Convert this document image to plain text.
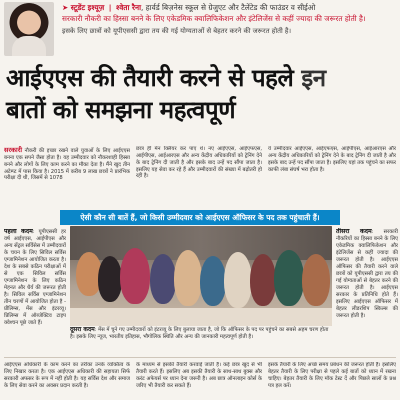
➤ स्टूडेंट इश्यूज़ | श्वेता रैना, हार्वर्ड बिज़नेस स्कूल से ग्रेजुएट और टैलेंटेड की फाउंडर व सीईओ
सरकारी नौकरी का हिस्सा बनने के लिए एकेडमिक क्वालिफिकेशन और इंटेलिजेंस से कहीं ज्यादा की जरूरत होती है।
इसके लिए छात्रों को यूपीएससी द्वारा तय की गई योग्यताओं से बेहतर करने की जरूरत होती है।
आईएएस की तैयारी करने से पहले इन
बातों को समझना महत्वपूर्ण
सरकारी नौकरी की इच्छा रखने वाले युवाओं के लिए आईएएस बनना एक सपने जैसा होता है। यह उम्मीदवार को नौकरशाही हिस्सा बनने और लोगों के लिए काम करने का मौका देता है। मैंने खुद तीन अटेम्प्ट में पास किया है। 2015 में करीब 9 लाख छात्रों ने प्रारंभिक परीक्षा दी थी, जिसमें से 1078
छात्र ही मेन क्लियर कर पाए थे। नए आईएएस, आईएफएस, आईपीएस, आईआरएस और अन्य केंद्रीय अधिकारियों को ट्रेनिंग देने के बाद ट्रेनिंग दी जाती है और इसके बाद उन्हें पद सौंपा जाता है। इसलिए यह सेवा कर रहे हैं और उम्मीदवारों की संख्या में बढ़ोतरी हो रही है।
ये उम्मीदवार आईएएस, आईएफएस, आईपीएस, आईआरएस और अन्य केंद्रीय अधिकारियों को ट्रेनिंग देने के बाद ट्रेनिंग दी जाती है और इसके बाद उन्हें पद सौंपा जाता है। इसलिए यहां तक पहुंचने का सफर काफी लंबा संघर्ष भरा होता है।
ऐसी कौन सी बातें हैं, जो किसी उम्मीदवार को आईएएस ऑफिसर के पद तक पहुंचाती हैं।
पहला कदम: यूपीएससी हर वर्ष आईएएस, आईपीएस और अन्य सेंट्रल सर्विसेस में उम्मीदवारों के चयन के लिए सिविल सर्विस एग्जामिनेशन आयोजित करता है। देश के सबसे कठिन परीक्षाओं में से एक सिविल सर्विस एग्जामिनेशन के लिए कठिन मेहनत और धैर्य की जरूरत होती है। सिविल सर्विस एग्जामिनेशन तीन चरणों में आयोजित होता है - प्रीलिम्स, मेंस और इंटरव्यू। प्रिलिम्स में ऑब्जेक्टिव टाइप क्वेश्चन पूछे जाते हैं।
दूसरा कदम: मेंस में चुने गए उम्मीदवारों को इंटरव्यू के लिए बुलाया जाता है, जो कि ऑफिसर के पद पर पहुंचने का सबसे अहम चरण होता है। इसके लिए न्यूज, भारतीय इतिहास, भौगोलिक स्थिति और अन्य की जानकारी महत्वपूर्ण होती है।
तीसरा कदम: सरकारी नौकरियों का हिस्सा बनने के लिए एकेडमिक क्वालिफिकेशन और इंटेलिजेंस से कहीं ज्यादा की जरूरत होती है। आईएएस ऑफिसर की तैयारी करने वाले छात्रों को यूपीएससी द्वारा तय की गई योग्यताओं से बेहतर करने की जरूरत होती है। आईएएस सरकार के प्रतिनिधि होते हैं। इसलिए आईएएस ऑफिसर में बेहतर लीडरशिप स्किल्स की जरूरत होती है।
आईएएस अधिकारी के काम करने का तरीका उनके व्यक्तित्व के लिए निखार करता है। एक आईएएस अधिकारी की सहायता सिर्फ सरकारी अफसर के रूप में नहीं होती है। यह सर्विस देश और समाज के लिए सेवा करने का अवसर प्रदान करती है।
के माध्यम से इसकी तैयारी करवाई जाती है। कई छात्र खुद से भी तैयारी करते हैं। इसलिए अब इसकी तैयारी के साथ-साथ बुक्स और करंट अफेयर्स पर ध्यान देना जरूरी है। अब छात्र ऑनलाइन कोर्स के जरिए भी तैयारी कर सकते हैं।
इसके तैयारी के लिए अच्छे समय प्रबंधन की जरूरत होती है। इसलिए बेहतर तैयारी के लिए परीक्षा से पहले कई बातों को ध्यान में रखना चाहिए। बेहतर तैयारी के लिए मॉक टेस्ट दें और पिछले सालों के प्रश्न पत्र हल करें।
